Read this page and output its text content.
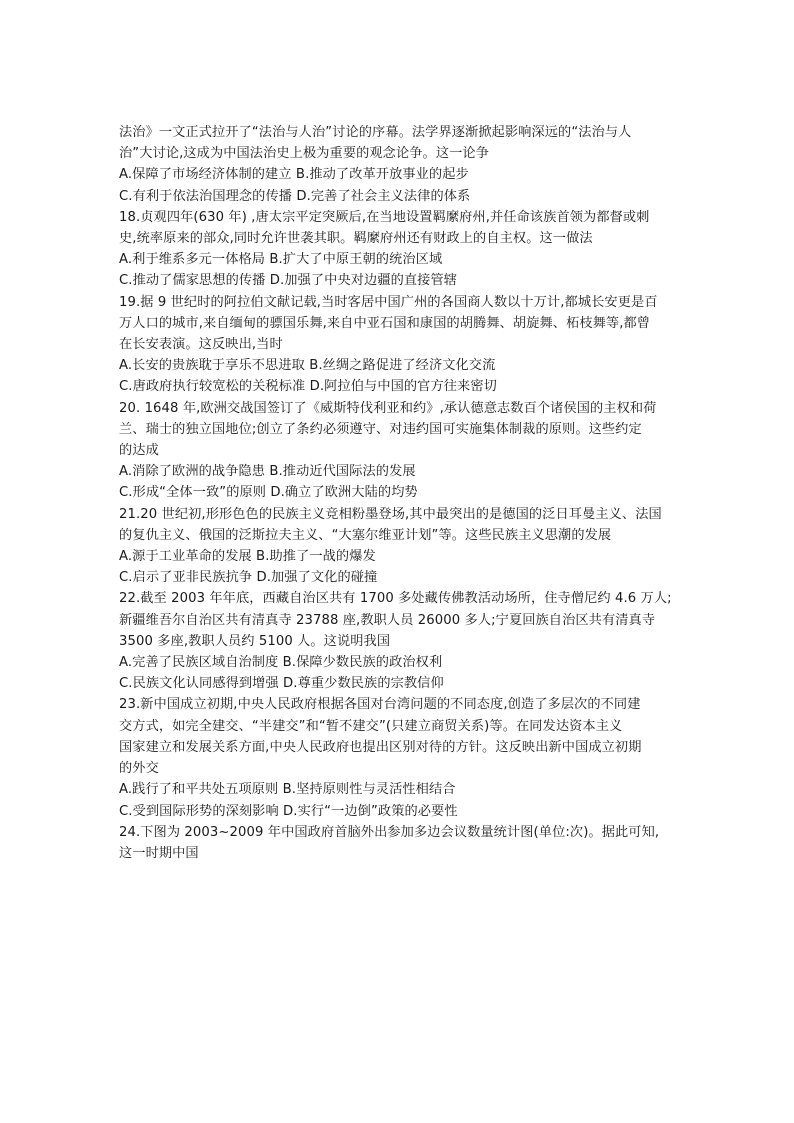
法治》一文正式拉开了“法治与人治”讨论的序幕。法学界逐渐掀起影响深远的“法治与人
治”大讨论,这成为中国法治史上极为重要的观念论争。这一论争
A.保障了市场经济体制的建立 B.推动了改革开放事业的起步
C.有利于依法治国理念的传播 D.完善了社会主义法律的体系
18.贞观四年(630 年) ,唐太宗平定突厥后,在当地设置羁縻府州,并任命该族首领为都督或刺
史,统率原来的部众,同时允许世袭其职。羁縻府州还有财政上的自主权。这一做法
A.利于维系多元一体格局 B.扩大了中原王朝的统治区域
C.推动了儒家思想的传播 D.加强了中央对边疆的直接管辖
19.据 9 世纪时的阿拉伯文献记载,当时客居中国广州的各国商人数以十万计,都城长安更是百
万人口的城市,来自缅甸的骠国乐舞,来自中亚石国和康国的胡腾舞、胡旋舞、柘枝舞等,都曾
在长安表演。这反映出,当时
A.长安的贵族耽于享乐不思进取 B.丝绸之路促进了经济文化交流
C.唐政府执行较宽松的关税标准 D.阿拉伯与中国的官方往来密切
20. 1648 年,欧洲交战国签订了《威斯特伐利亚和约》,承认德意志数百个诸侯国的主权和荷
兰、瑞士的独立国地位;创立了条约必须遵守、对违约国可实施集体制裁的原则。这些约定
的达成
A.消除了欧洲的战争隐患 B.推动近代国际法的发展
C.形成“全体一致”的原则 D.确立了欧洲大陆的均势
21.20 世纪初,形形色色的民族主义竞相粉墨登场,其中最突出的是德国的泛日耳曼主义、法国
的复仇主义、俄国的泛斯拉夫主义、“大塞尔维亚计划”等。这些民族主义思潮的发展
A.源于工业革命的发展 B.助推了一战的爆发
C.启示了亚非民族抗争 D.加强了文化的碰撞
22.截至 2003 年年底，西藏自治区共有 1700 多处藏传佛教活动场所，住寺僧尼约 4.6 万人;
新疆维吾尔自治区共有清真寺 23788 座,教职人员 26000 多人;宁夏回族自治区共有清真寺
3500 多座,教职人员约 5100 人。这说明我国
A.完善了民族区域自治制度 B.保障少数民族的政治权利
C.民族文化认同感得到增强 D.尊重少数民族的宗教信仰
23.新中国成立初期,中央人民政府根据各国对台湾问题的不同态度,创造了多层次的不同建
交方式，如完全建交、“半建交”和“暂不建交”(只建立商贸关系)等。在同发达资本主义
国家建立和发展关系方面,中央人民政府也提出区别对待的方针。这反映出新中国成立初期
的外交
A.践行了和平共处五项原则 B.坚持原则性与灵活性相结合
C.受到国际形势的深刻影响 D.实行“一边倒”政策的必要性
24.下图为 2003~2009 年中国政府首脑外出参加多边会议数量统计图(单位:次)。据此可知,
这一时期中国
